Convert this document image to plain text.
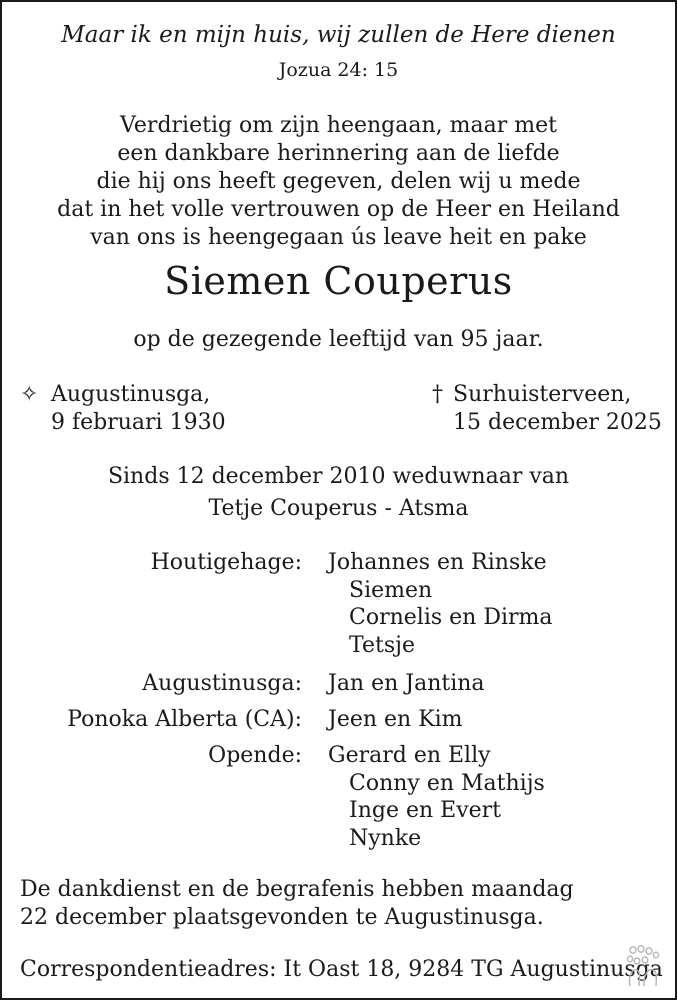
Maar ik en mijn huis, wij zullen de Here dienen
Jozua 24: 15
Verdrietig om zijn heengaan, maar met
een dankbare herinnering aan de liefde
die hij ons heeft gegeven, delen wij u mede
dat in het volle vertrouwen op de Heer en Heiland
van ons is heengegaan ús leave heit en pake
Siemen Couperus
op de gezegende leeftijd van 95 jaar.
✧ Augustinusga,
9 februari 1930
† Surhuisterveen,
15 december 2025
Sinds 12 december 2010 weduwnaar van
Tetje Couperus - Atsma
Houtigehage: Johannes en Rinske
Siemen
Cornelis en Dirma
Tetsje
Augustinusga: Jan en Jantina
Ponoka Alberta (CA): Jeen en Kim
Opende: Gerard en Elly
Conny en Mathijs
Inge en Evert
Nynke
De dankdienst en de begrafenis hebben maandag
22 december plaatsgevonden te Augustinusga.
Correspondentieadres: It Oast 18, 9284 TG Augustinusga
